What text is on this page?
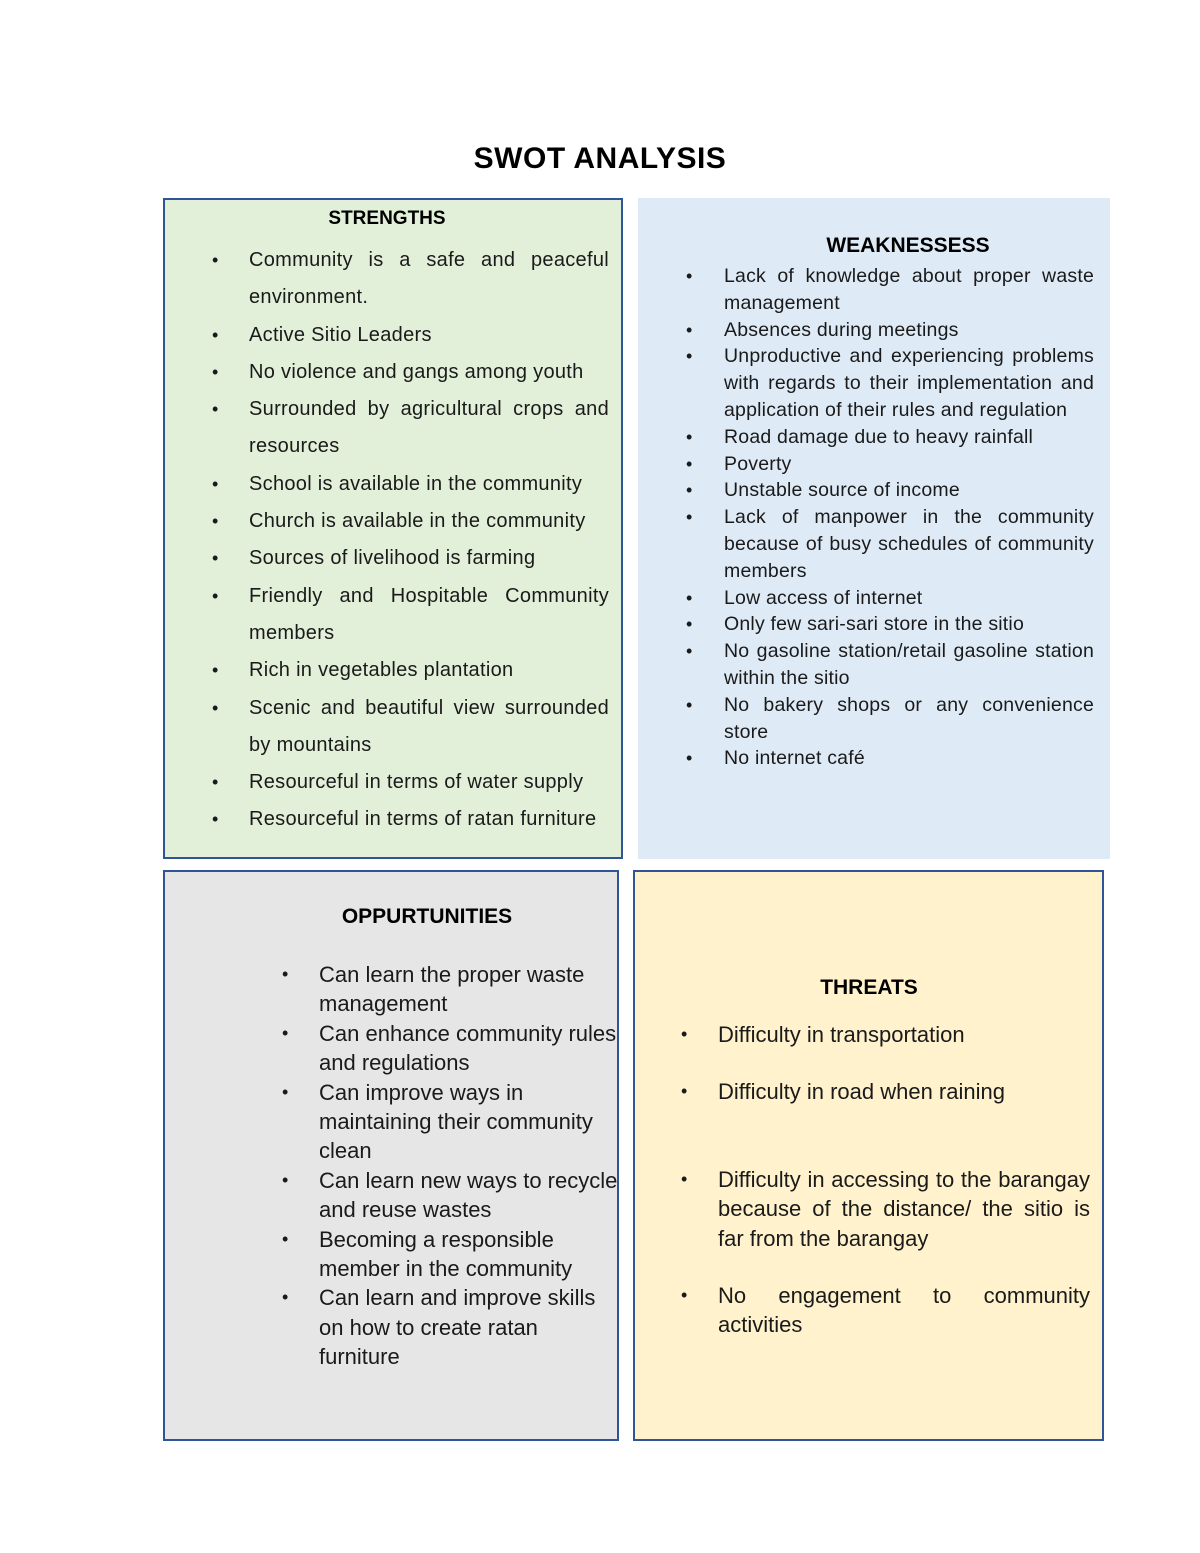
SWOT ANALYSIS
STRENGTHS
• Community is a safe and peaceful environment.
• Active Sitio Leaders
• No violence and gangs among youth
• Surrounded by agricultural crops and resources
• School is available in the community
• Church is available in the community
• Sources of livelihood is farming
• Friendly and Hospitable Community members
• Rich in vegetables plantation
• Scenic and beautiful view surrounded by mountains
• Resourceful in terms of water supply
• Resourceful in terms of ratan furniture
WEAKNESSESS
• Lack of knowledge about proper waste management
• Absences during meetings
• Unproductive and experiencing problems with regards to their implementation and application of their rules and regulation
• Road damage due to heavy rainfall
• Poverty
• Unstable source of income
• Lack of manpower in the community because of busy schedules of community members
• Low access of internet
• Only few sari-sari store in the sitio
• No gasoline station/retail gasoline station within the sitio
• No bakery shops or any convenience store
• No internet café
OPPURTUNITIES
• Can learn the proper waste management
• Can enhance community rules and regulations
• Can improve ways in maintaining their community clean
• Can learn new ways to recycle and reuse wastes
• Becoming a responsible member in the community
• Can learn and improve skills on how to create ratan furniture
THREATS
• Difficulty in transportation
• Difficulty in road when raining
• Difficulty in accessing to the barangay because of the distance/ the sitio is far from the barangay
• No engagement to community activities
